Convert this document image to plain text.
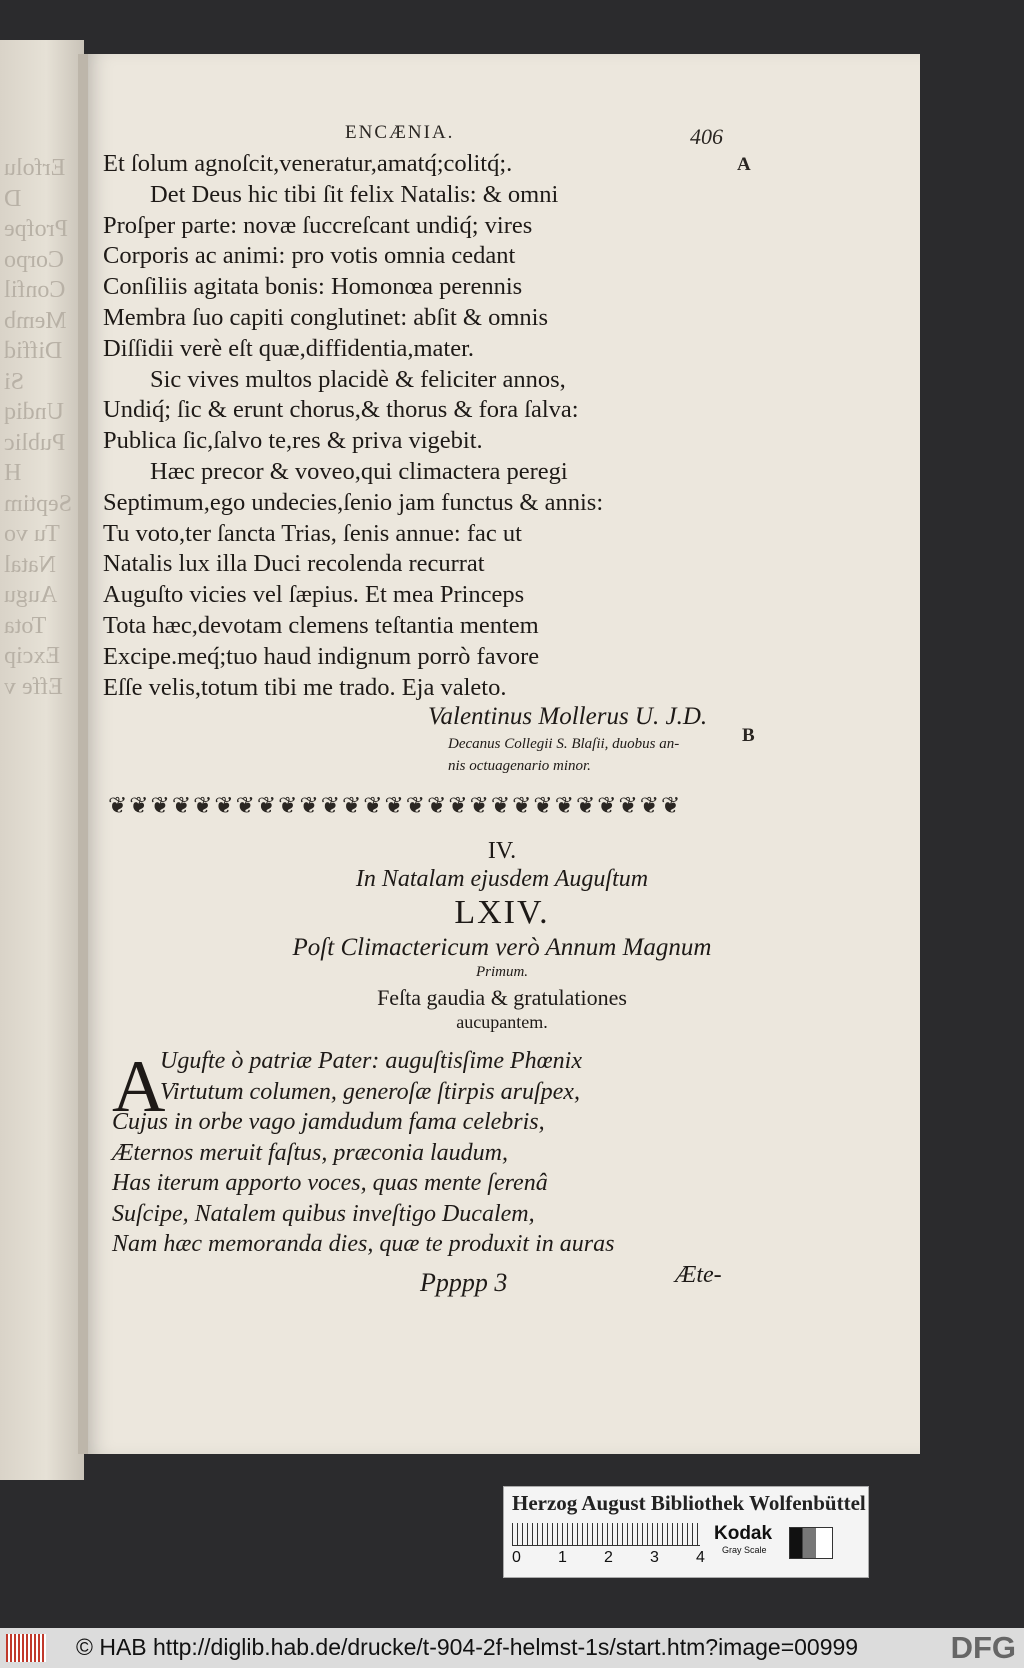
Erfolu
D
Profpe
Corpo
Confil
Memb
Diffid
Si
Undiq
Public
H
Septim
Tu vo
Natal
Augu
Tota
Excip
Effe v
ENCÆNIA.	406
A
B
Et ſolum agnoſcit,veneratur,amatq́;colitq́;.
Det Deus hic tibi ſit felix Natalis: & omni
Proſper parte: novæ ſuccreſcant undiq́; vires
Corporis ac animi: pro votis omnia cedant
Conſiliis agitata bonis: Homonœa perennis
Membra ſuo capiti conglutinet: abſit & omnis
Diſſidii verè eſt quæ,diffidentia,mater.
Sic vives multos placidè & feliciter annos,
Undiq́; ſic & erunt chorus,& thorus & fora ſalva:
Publica ſic,ſalvo te,res & priva vigebit.
Hæc precor & voveo,qui climactera peregi
Septimum,ego undecies,ſenio jam functus & annis:
Tu voto,ter ſancta Trias, ſenis annue: fac ut
Natalis lux illa Duci recolenda recurrat
Auguſto vicies vel ſæpius. Et mea Princeps
Tota hæc,devotam clemens teſtantia mentem
Excipe.meq́;tuo haud indignum porrò favore
Eſſe velis,totum tibi me trado. Eja valeto.
Valentinus Mollerus U. J.D.
Decanus Collegii S. Blaſii, duobus an-
nis octuagenario minor.
❦❦❦❦❦❦❦❦❦❦❦❦❦❦❦❦❦❦❦❦❦❦❦❦❦❦❦
IV.
In Natalam ejusdem Auguſtum
LXIV.
Poſt Climactericum verò Annum Magnum
Primum.
Feſta gaudia & gratulationes
aucupantem.
A
Ugufte ò patriæ Pater: auguſtisſime Phœnix
Virtutum columen, generoſæ ſtirpis aruſpex,
Cujus in orbe vago jamdudum fama celebris,
Æternos meruit faſtus, præconia laudum,
Has iterum apporto voces, quas mente ſerenâ
Suſcipe, Natalem quibus inveſtigo Ducalem,
Nam hæc memoranda dies, quæ te produxit in auras
Ppppp 3	Æte-
Herzog August Bibliothek Wolfenbüttel
0 1 2 3 4
Kodak
Gray Scale
© HAB http://diglib.hab.de/drucke/t-904-2f-helmst-1s/start.htm?image=00999	DFG
